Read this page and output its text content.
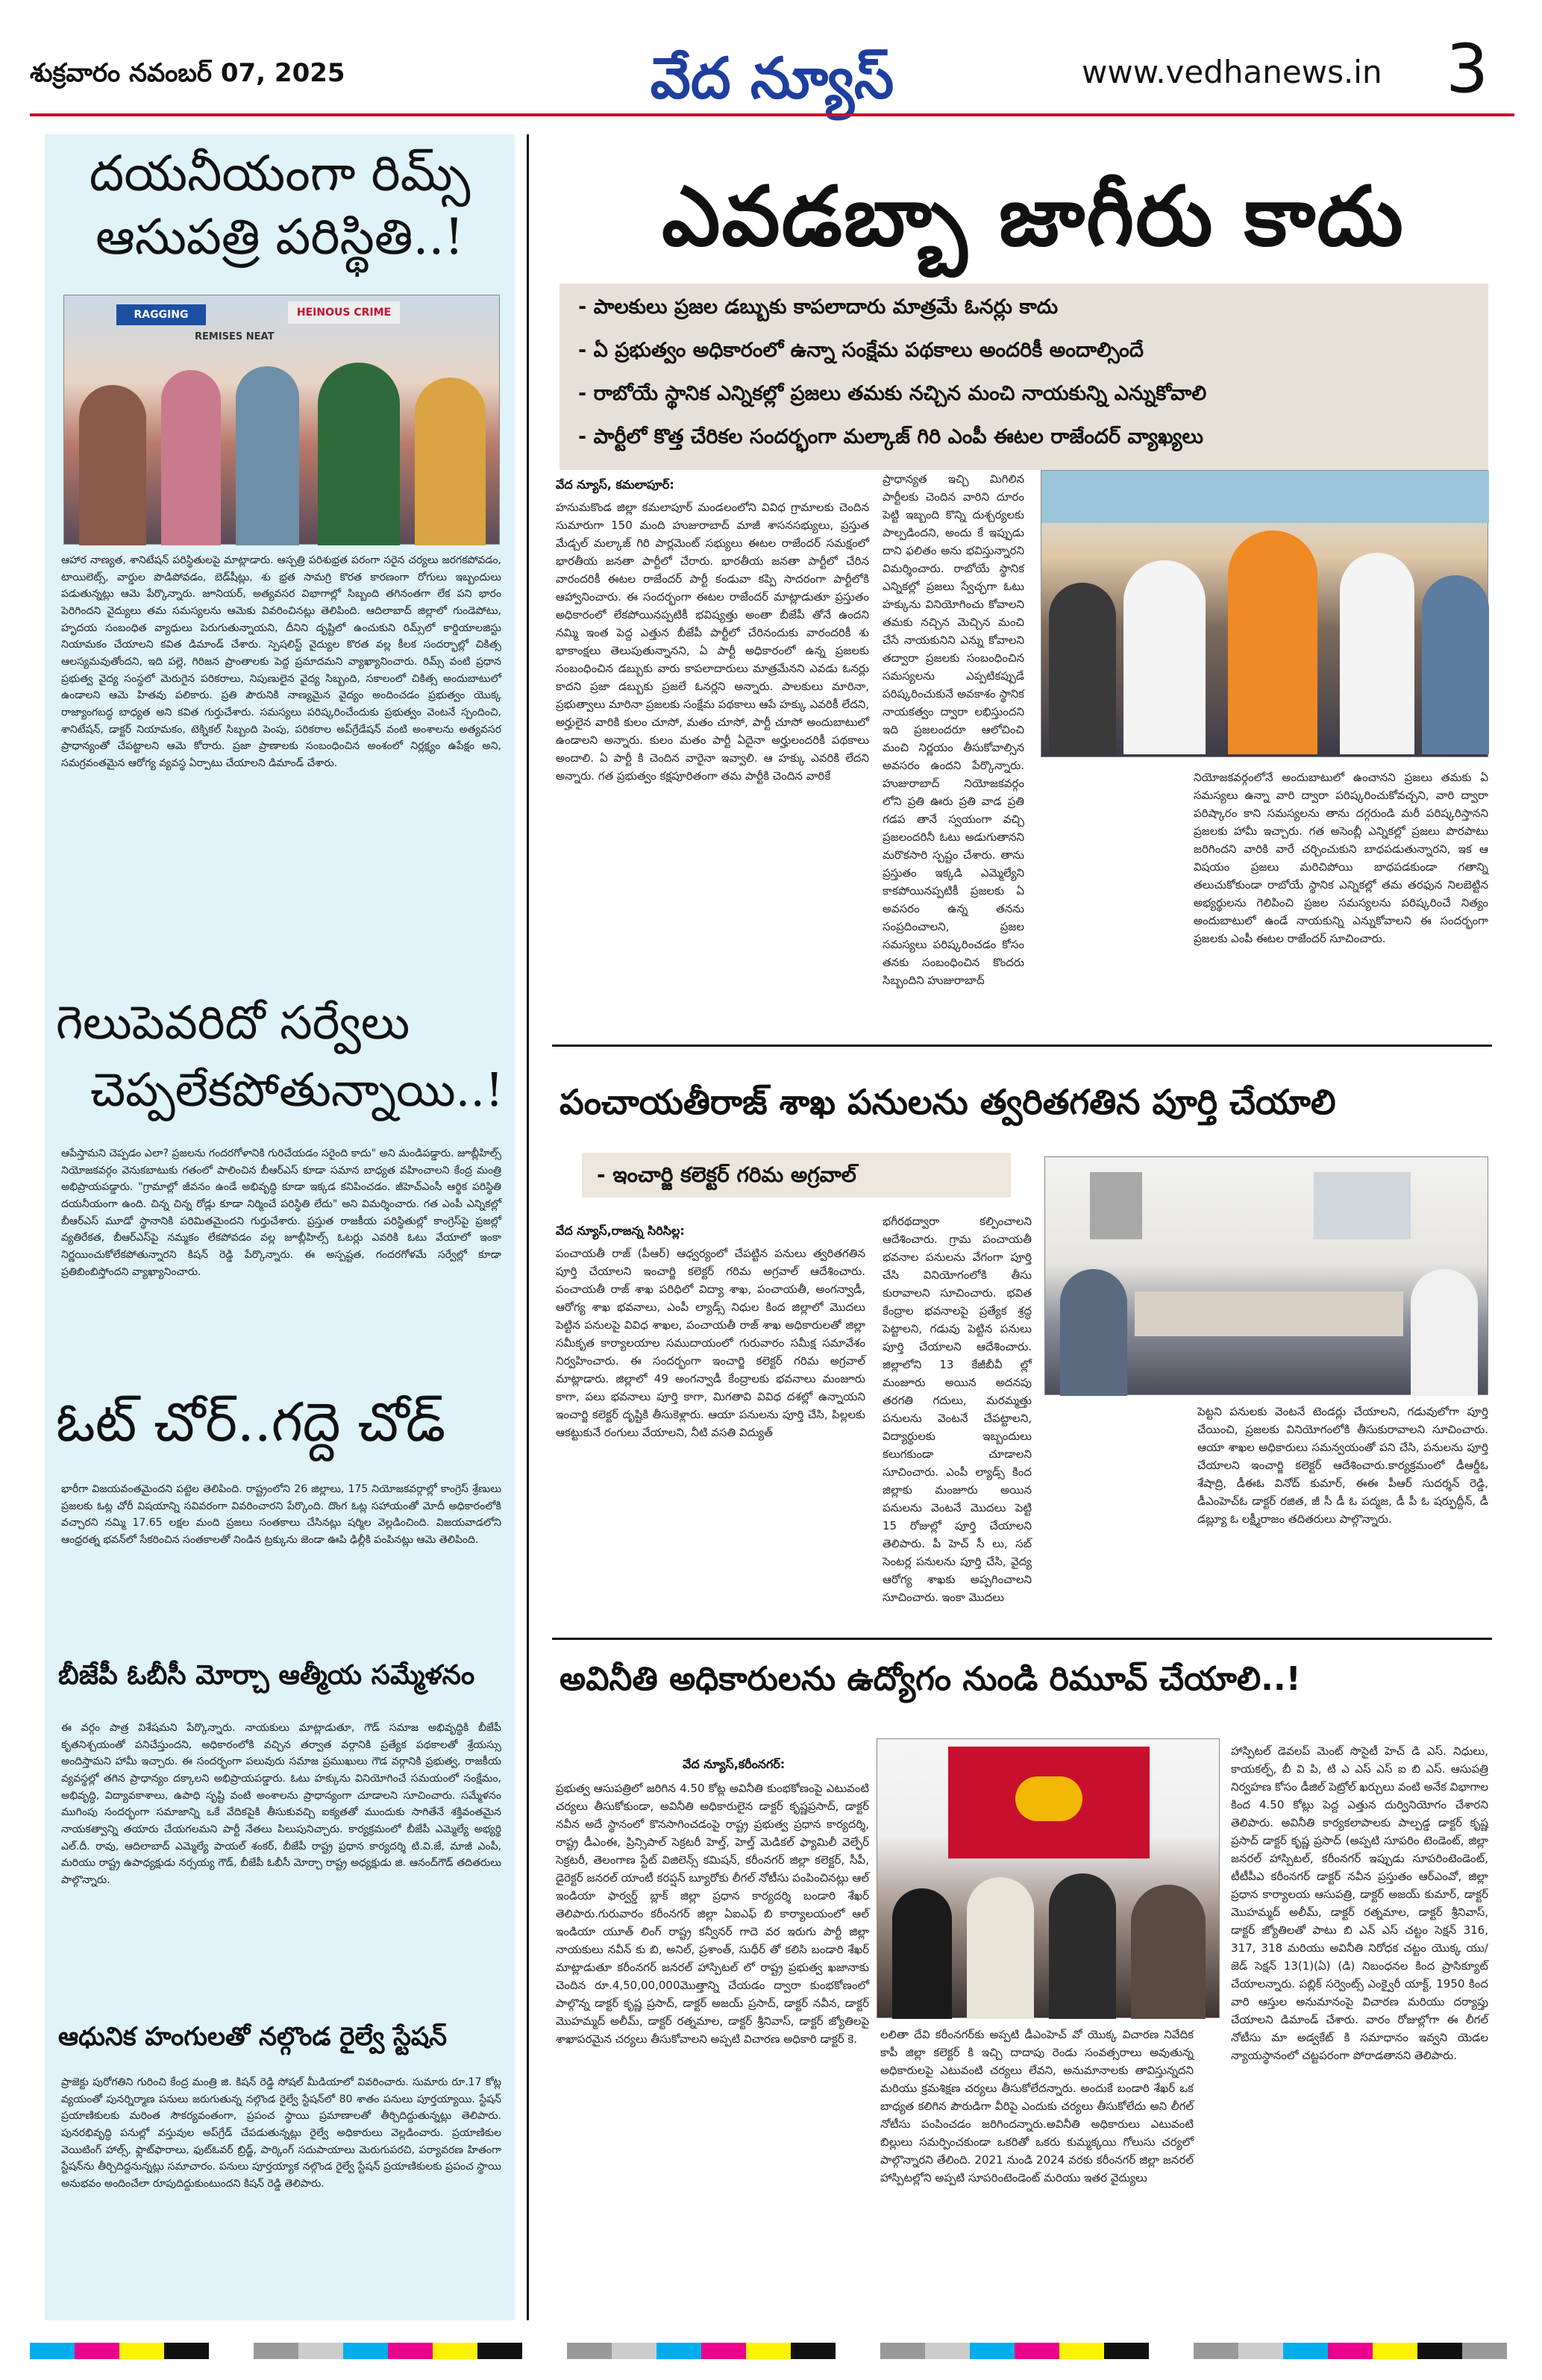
శుక్రవారం నవంబర్ 07, 2025	వేద న్యూస్	www.vedhanews.in 3
దయనీయంగా రిమ్స్
ఆసుపత్రి పరిస్థితి..!
RAGGING	HEINOUS CRIME
REMISES NEAT
ఆహార నాణ్యత, శానిటేషన్ పరిస్థితులపై మాట్లాడారు. ఆస్పత్రి పరిశుభ్రత పరంగా సరైన చర్యలు జరగకపోవడం, టాయిలెట్స్, వార్డుల పొడిపోవడం, బెడ్‌షీట్లు, శు భ్రత సామగ్రి కొరత కారణంగా రోగులు ఇబ్బందులు పడుతున్నట్లు ఆమె పేర్కొన్నారు. జూనియర్, అత్యవసర విభాగాల్లో సిబ్బంది తగినంతగా లేక పని భారం పెరిగిందని వైద్యులు తమ సమస్యలను ఆమెకు వివరించినట్లు తెలిపింది. ఆదిలాబాద్ జిల్లాలో గుండెపోటు, హృదయ సంబంధిత వ్యాధులు పెరుగుతున్నాయని, దీనిని దృష్టిలో ఉంచుకుని రిమ్స్‌లో కార్డియాలజిస్టు నియామకం చేయాలని కవిత డిమాండ్ చేశారు. స్పెషలిస్ట్ వైద్యుల కొరత వల్ల కీలక సందర్భాల్లో చికిత్స ఆలస్యమవుతోందని, ఇది పల్లె, గిరిజన ప్రాంతాలకు పెద్ద ప్రమాదమని వ్యాఖ్యానించారు. రిమ్స్ వంటి ప్రధాన ప్రభుత్వ వైద్య సంస్థలో మెరుగైన పరికరాలు, నిపుణులైన వైద్య సిబ్బంది, సకాలంలో చికిత్స అందుబాటులో ఉండాలని ఆమె హితవు పలికారు. ప్రతి పౌరునికి నాణ్యమైన వైద్యం అందించడం ప్రభుత్వం యొక్క రాజ్యాంగబద్ధ బాధ్యత అని కవిత గుర్తుచేశారు. సమస్యలు పరిష్కరించేందుకు ప్రభుత్వం వెంటనే స్పందించి, శానిటేషన్, డాక్టర్ నియామకం, టెక్నికల్ సిబ్బంది పెంపు, పరికరాల అప్‌గ్రేడేషన్ వంటి అంశాలను అత్యవసర ప్రాధాన్యంతో చేపట్టాలని ఆమె కోరారు. ప్రజా ప్రాణాలకు సంబంధించిన అంశంలో నిర్లక్ష్యం ఉపేక్షం అని, సమగ్రవంతమైన ఆరోగ్య వ్యవస్థ ఏర్పాటు చేయాలని డిమాండ్ చేశారు.
గెలుపెవరిదో సర్వేలు
చెప్పలేకపోతున్నాయి..!
ఆపేస్తామని చెప్పడం ఎలా? ప్రజలను గందరగోళానికి గురిచేయడం సరైంది కాదు" అని మండిపడ్డారు. జూబ్లీహిల్స్ నియోజకవర్గం వెనుకబాటుకు గతంలో పాలించిన బీఆర్ఎస్ కూడా సమాన బాధ్యత వహించాలని కేంద్ర మంత్రి అభిప్రాయపడ్డారు. "గ్రామాల్లో జీవనం ఉండే అభివృద్ధి కూడా ఇక్కడ కనిపించడం. జీహెచ్ఎంసీ ఆర్థిక పరిస్థితి దయనీయంగా ఉంది. చిన్న చిన్న రోడ్లు కూడా నిర్మించే పరిస్థితి లేదు" అని విమర్శించారు. గత ఎంపీ ఎన్నికల్లో బీఆర్ఎస్ మూడో స్థానానికి పరిమితమైందని గుర్తుచేశారు. ప్రస్తుత రాజకీయ పరిస్థితుల్లో కాంగ్రెస్‌పై ప్రజల్లో వ్యతిరేకత, బీఆర్ఎస్‌పై నమ్మకం లేకపోవడం వల్ల జూబ్లీహిల్స్ ఓటర్లు ఎవరికి ఓటు వేయాలో ఇంకా నిర్ణయించుకోలేకపోతున్నారని కిషన్ రెడ్డి పేర్కొన్నారు. ఈ అస్పష్టత, గందరగోళమే సర్వేల్లో కూడా ప్రతిబింబిస్తోందని వ్యాఖ్యానించారు.
ఓట్ చోర్..గద్దె చోడ్
భారీగా విజయవంతమైందని పట్టెల తెలిపింది. రాష్ట్రంలోని 26 జిల్లాలు, 175 నియోజకవర్గాల్లో కాంగ్రెస్ శ్రేణులు ప్రజలకు ఓట్ల చోరీ విషయాన్ని సవివరంగా వివరించారని పేర్కొంది. దొంగ ఓట్ల సహాయంతో మోదీ అధికారంలోకి వచ్చారని నమ్మి 17.65 లక్షల మంది ప్రజలు సంతకాలు చేసినట్లు షర్మిల వెల్లడించింది. విజయవాడలోని ఆంధ్రరత్న భవన్‌లో సేకరించిన సంతకాలతో నిండిన ట్రక్కును జెండా ఊపి ఢిల్లీకి పంపినట్లు ఆమె తెలిపింది.
బీజేపీ ఓబీసీ మోర్చా ఆత్మీయ సమ్మేళనం
ఈ వర్గం పాత్ర విశేషమని పేర్కొన్నారు. నాయకులు మాట్లాడుతూ, గౌడ్ సమాజ అభివృద్ధికి బీజేపీ కృతనిశ్చయంతో పనిచేస్తుందని, అధికారంలోకి వచ్చిన తర్వాత వర్గానికి ప్రత్యేక పథకాలతో శ్రేయస్సు అందిస్తామని హామీ ఇచ్చారు. ఈ సందర్భంగా పలువురు సమాజ ప్రముఖులు గౌడ వర్గానికి ప్రభుత్వ, రాజకీయ వ్యవస్థల్లో తగిన ప్రాధాన్యం దక్కాలని అభిప్రాయపడ్డారు. ఓటు హక్కును వినియోగించే సమయంలో సంక్షేమం, అభివృద్ధి, విద్యావకాశాలు, ఉపాధి సృష్టి వంటి అంశాలను ప్రాధాన్యంగా చూడాలని సూచించారు. సమ్మేళనం ముగింపు సందర్భంగా సమాజాన్ని ఒకే వేదికపైకి తీసుకువచ్చి ఐక్యతతో ముందుకు సాగితేనే శక్తివంతమైన నాయకత్వాన్ని తయారు చేయగలమని పార్టీ నేతలు పిలుపునిచ్చారు. కార్యక్రమంలో బీజేపీ ఎమ్మెల్యే అభ్యర్థి ఎల్.దీ. రావు, ఆదిలాబాద్ ఎమ్మెల్యే పాయల్ శంకర్, బీజేపీ రాష్ట్ర ప్రధాన కార్యదర్శి టి.వి.జే, మాజీ ఎంపీ, మరియు రాష్ట్ర ఉపాధ్యక్షుడు నర్సయ్య గౌడ్, బీజేపీ ఓబీసీ మోర్చా రాష్ట్ర అధ్యక్షుడు జి. ఆనంద్‌గౌడ్ తదితరులు పాల్గొన్నారు.
ఆధునిక హంగులతో నల్గొండ రైల్వే స్టేషన్
ప్రాజెక్టు పురోగతిని గురించి కేంద్ర మంత్రి జి. కిషన్ రెడ్డి సోషల్ మీడియాలో వివరించారు. సుమారు రూ.17 కోట్ల వ్యయంతో పునర్నిర్మాణ పనులు జరుగుతున్న నల్గొండ రైల్వే స్టేషన్‌లో 80 శాతం పనులు పూర్తయ్యాయి. స్టేషన్ ప్రయాణికులకు మరింత సౌకర్యవంతంగా, ప్రపంచ స్థాయి ప్రమాణాలతో తీర్చిదిద్దుతున్నట్లు తెలిపారు. పునరభివృద్ధి పనుల్లో వస్తువుల అప్‌గ్రేడ్ చేపడుతున్నట్లు రైల్వే అధికారులు వెల్లడించారు. ప్రయాణికుల వెయిటింగ్ హాల్స్, ఫ్లాట్‌ఫారాలు, ఫుట్‌ఓవర్ బ్రిడ్జ్, పార్కింగ్ సదుపాయాలు మెరుగుపరచి, పర్యావరణ హితంగా స్టేషన్‌ను తీర్చిదిద్దనున్నట్లు సమాచారం. పనులు పూర్తయ్యాక నల్గొండ రైల్వే స్టేషన్ ప్రయాణికులకు ప్రపంచ స్థాయి అనుభవం అందించేలా రూపుదిద్దుకుంటుందని కిషన్ రెడ్డి తెలిపారు.
ఎవడబ్బా జాగీరు కాదు
- పాలకులు ప్రజల డబ్బుకు కాపలాదారు మాత్రమే ఓనర్లు కాదు
- ఏ ప్రభుత్వం అధికారంలో ఉన్నా సంక్షేమ పథకాలు అందరికీ అందాల్సిందే
- రాబోయే స్థానిక ఎన్నికల్లో ప్రజలు తమకు నచ్చిన మంచి నాయకున్ని ఎన్నుకోవాలి
- పార్టీలో కొత్త చేరికల సందర్భంగా మల్కాజ్ గిరి ఎంపీ ఈటల రాజేందర్ వ్యాఖ్యలు
వేద న్యూస్, కమలాపూర్:
హనుమకొండ జిల్లా కమలాపూర్ మండలంలోని వివిధ గ్రామాలకు చెందిన సుమారుగా 150 మంది హుజురాబాద్ మాజీ శాసనసభ్యులు, ప్రస్తుత మేడ్చల్ మల్కాజ్ గిరి పార్లమెంట్ సభ్యులు ఈటల రాజేందర్ సమక్షంలో భారతీయ జనతా పార్టీలో చేరారు. భారతీయ జనతా పార్టీలో చేరిన వారందరికీ ఈటల రాజేందర్ పార్టీ కండువా కప్పి సాదరంగా పార్టీలోకి ఆహ్వానించారు. ఈ సందర్భంగా ఈటల రాజేందర్ మాట్లాడుతూ ప్రస్తుతం అధికారంలో లేకపోయినప్పటికీ భవిష్యత్తు అంతా బీజేపీ తోనే ఉందని నమ్మి ఇంత పెద్ద ఎత్తున బీజేపీ పార్టీలో చేరినందుకు వారందరికీ శు భాకాంక్షలు తెలుపుతున్నానని, ఏ పార్టీ అధికారంలో ఉన్న ప్రజలకు సంబంధించిన డబ్బుకు వారు కాపలాదారులు మాత్రమేనని ఎవడు ఓనర్లు కాదని ప్రజా డబ్బుకు ప్రజలే ఓనర్లని అన్నారు. పాలకులు మారినా, ప్రభుత్వాలు మారినా ప్రజలకు సంక్షేమ పథకాలు ఆపే హక్కు ఎవరికీ లేదని, అర్హులైన వారికి కులం చూసో, మతం చూసో, పార్టీ చూసో అందుబాటులో ఉండాలని అన్నారు. కులం మతం పార్టీ ఏదైనా అర్హులందరికీ పథకాలు అందాలి. ఏ పార్టీ కి చెందిన వారైనా ఇవ్వాలి. ఆ హక్కు ఎవరికి లేదని అన్నారు. గత ప్రభుత్వం కక్షపూరితంగా తమ పార్టీకి చెందిన వారికే
ప్రాధాన్యత ఇచ్చి మిగిలిన పార్టీలకు చెందిన వారిని దూరం పెట్టి ఇబ్బంది కొన్ని దుశ్చర్యలకు పాల్పడిందని, అందు కే ఇప్పుడు దాని ఫలితం అను భవిస్తున్నారని విమర్శించారు. రాబోయే స్థానిక ఎన్నికల్లో ప్రజలు స్వేచ్ఛగా ఓటు హక్కును వినియోగించు కోవాలని తమకు నచ్చిన మెచ్చిన మంచి చేసే నాయకునిని ఎన్ను కోవాలని తద్వారా ప్రజలకు సంబంధించిన సమస్యలను ఎప్పటికప్పుడే పరిష్కరించుకునే అవకాశం స్థానిక నాయకత్వం ద్వారా లభిస్తుందని ఇది ప్రజలందరూ ఆలోచించి మంచి నిర్ణయం తీసుకోవాల్సిన అవసరం ఉందని పేర్కొన్నారు. హుజురాబాద్ నియోజకవర్గం లోని ప్రతి ఊరు ప్రతి వాడ ప్రతి గడప తానే స్వయంగా వచ్చి ప్రజలందరినీ ఓటు అడుగుతానని మరొకసారి స్పష్టం చేశారు. తాను ప్రస్తుతం ఇక్కడి ఎమ్మెల్యేని కాకపోయినప్పటికీ ప్రజలకు ఏ అవసరం ఉన్న తనను సంప్రదించాలని, ప్రజల సమస్యలు పరిష్కరించడం కోసం తనకు సంబంధించిన కొందరు సిబ్బందిని హుజురాబాద్
నియోజకవర్గంలోనే అందుబాటులో ఉంచానని ప్రజలు తమకు ఏ సమస్యలు ఉన్నా వారి ద్వారా పరిష్కరించుకోవచ్చని, వారి ద్వారా పరిష్కారం కాని సమస్యలను తాను దగ్గరుండి మరీ పరిష్కరిస్తానని ప్రజలకు హామీ ఇచ్చారు. గత అసెంబ్లీ ఎన్నికల్లో ప్రజలు పొరపాటు జరిగిందని వారికి వారే చర్చించుకుని బాధపడుతున్నారని, ఇక ఆ విషయం ప్రజలు మరిచిపోయి బాధపడకుండా గతాన్ని తలుచుకోకుండా రాబోయే స్థానిక ఎన్నికల్లో తమ తరఫున నిలబెట్టిన అభ్యర్థులను గెలిపించి ప్రజల సమస్యలను పరిష్కరించే నిత్యం అందుబాటులో ఉండే నాయకున్ని ఎన్నుకోవాలని ఈ సందర్భంగా ప్రజలకు ఎంపీ ఈటల రాజేందర్ సూచించారు.
పంచాయతీరాజ్ శాఖ పనులను త్వరితగతిన పూర్తి చేయాలి
- ఇంచార్జి కలెక్టర్ గరిమ అగ్రవాల్
వేద న్యూస్,రాజన్న సిరిసిల్ల:
పంచాయతీ రాజ్ (పీఆర్) ఆధ్వర్యంలో చేపట్టిన పనులు త్వరితగతిన పూర్తి చేయాలని ఇంచార్జి కలెక్టర్ గరిమ అగ్రవాల్ ఆదేశించారు. పంచాయతీ రాజ్ శాఖ పరిధిలో విద్యా శాఖ, పంచాయతీ, అంగన్వాడీ, ఆరోగ్య శాఖ భవనాలు, ఎంపీ ల్యాడ్స్ నిధుల కింద జిల్లాలో మొదలు పెట్టిన పనులపై వివిధ శాఖల, పంచాయతీ రాజ్ శాఖ అధికారులతో జిల్లా సమీకృత కార్యాలయాల సముదాయంలో గురువారం సమీక్ష సమావేశం నిర్వహించారు. ఈ సందర్భంగా ఇంచార్జి కలెక్టర్ గరిమ అగ్రవాల్ మాట్లాడారు. జిల్లాలో 49 అంగన్వాడీ కేంద్రాలకు భవనాలు మంజూరు కాగా, పలు భవనాలు పూర్తి కాగా, మిగతావి వివిధ దశల్లో ఉన్నాయని ఇంచార్జి కలెక్టర్ దృష్టికి తీసుకెళ్లారు. ఆయా పనులను పూర్తి చేసి, పిల్లలకు ఆకట్టుకునే రంగులు వేయాలని, నీటి వసతి విద్యుత్
భగీరథద్వారా కల్పించాలని ఆదేశించారు. గ్రామ పంచాయతీ భవనాల పనులను వేగంగా పూర్తి చేసి వినియోగంలోకి తీసు కురావాలని సూచించారు. భవిత కేంద్రాల భవనాలపై ప్రత్యేక శ్రద్ధ పెట్టాలని, గడువు పెట్టిన పనులు పూర్తి చేయాలని ఆదేశించారు. జిల్లాలోని 13 కేజీబీవీ ల్లో మంజూరు అయిన అదనపు తరగతి గదులు, మరమ్మత్తు పనులను వెంటనే చేపట్టాలని, విద్యార్థులకు ఇబ్బందులు కలుగకుండా చూడాలని సూచించారు. ఎంపీ ల్యాడ్స్ కింద జిల్లాకు మంజూరు అయిన పనులను వెంటనే మొదలు పెట్టి 15 రోజుల్లో పూర్తి చేయాలని తెలిపారు. పీ హెచ్ సీ లు, సబ్ సెంటర్ల పనులను పూర్తి చేసి, వైద్య ఆరోగ్య శాఖకు అప్పగించాలని సూచించారు. ఇంకా మొదలు
పెట్టని పనులకు వెంటనే టెండర్లు చేయాలని, గడువులోగా పూర్తి చేయించి, ప్రజలకు వినియోగంలోకి తీసుకురావాలని సూచించారు. ఆయా శాఖల అధికారులు సమన్వయంతో పని చేసి, పనులను పూర్తి చేయాలని ఇంచార్జి కలెక్టర్ ఆదేశించారు.కార్యక్రమంలో డీఆర్డీఓ శేషాద్రి, డీఈఓ వినోద్ కుమార్, ఈఈ పీఆర్ సుదర్శన్ రెడ్డి, డీఎంహెచ్ఓ డాక్టర్ రజిత, జీ సీ డీ ఓ పద్మజ, డీ పీ ఓ షర్ఫుద్దీన్, డీ డబ్ల్యూ ఓ లక్ష్మీరాజం తదితరులు పాల్గొన్నారు.
అవినీతి అధికారులను ఉద్యోగం నుండి రిమూవ్ చేయాలి..!
వేద న్యూస్,కరీంనగర్:
ప్రభుత్వ ఆసుపత్రిలో జరిగిన 4.50 కోట్ల అవినీతి కుంభకోణంపై ఎటువంటి చర్యలు తీసుకోకుండా, అవినీతి అధికారులైన డాక్టర్ కృష్ణప్రసాద్, డాక్టర్ నవీన అదే స్థానంలో కొనసాగించడంపై రాష్ట్ర ప్రభుత్వ ప్రధాన కార్యదర్శి, రాష్ట్ర డీఎంఈ, ప్రిన్సిపాల్ సెక్రటరీ హెల్త్, హెల్త్ మెడికల్ ఫ్యామిలీ వెల్ఫేర్ సెక్రటరీ, తెలంగాణ స్టేట్ విజిలెన్స్ కమిషన్, కరీంనగర్ జిల్లా కలెక్టర్, సీపీ, డైరెక్టర్ జనరల్ యాంటీ కరప్షన్ బ్యూరోకు లీగల్ నోటీసు పంపించినట్లు ఆల్ ఇండియా ఫార్వర్డ్ బ్లాక్ జిల్లా ప్రధాన కార్యదర్శి బండారి శేఖర్ తెలిపారు.గురువారం కరీంనగర్ జిల్లా ఏఐఎఫ్ బి కార్యాలయంలో ఆల్ ఇండియా యూత్ లింగ్ రాష్ట్ర కన్వీనర్ గాదె వర ఇరుగు పార్టీ జిల్లా నాయకులు నవీన్ కు బి, అనిల్, ప్రశాంత్, సుధీర్ తో కలిసి బండారి శేఖర్ మాట్లాడుతూ కరీంనగర్ జనరల్ హాస్పిటల్ లో రాష్ట్ర ప్రభుత్వ ఖజానాకు చెందిన రూ.4,50,00,000మొత్తాన్ని చేయడం ద్వారా కుంభకోణంలో పాల్గొన్న డాక్టర్ కృష్ణ ప్రసాద్, డాక్టర్ అజయ్ ప్రసాద్, డాక్టర్ నవీన, డాక్టర్ మొహమ్మద్ అలీమ్, డాక్టర్ రత్నమాల, డాక్టర్ శ్రీనివాస్, డాక్టర్ జ్యోతిలపై శాఖాపరమైన చర్యలు తీసుకోవాలని అప్పటి విచారణ అధికారి డాక్టర్ కె.	లలితా దేవి కరీంనగర్‌కు అప్పటి డీఎంహెచ్ వో యొక్క విచారణ నివేదిక కాపీ జిల్లా కలెక్టర్ కి ఇచ్చి దాదాపు రెండు సంవత్సరాలు అవుతున్న అధికారులపై ఎటువంటి చర్యలు లేవని, అనుమానాలకు తావిస్తున్నదని మరియు క్రమశిక్షణ చర్యలు తీసుకోలేదన్నారు. అందుకే బండారి శేఖర్ ఒక బాధ్యత కలిగిన పౌరుడిగా వీరిపై ఎందుకు చర్యలు తీసుకోలేదు అని లీగల్ నోటీసు పంపించడం జరిగిందన్నారు.అవినీతి అధికారులు ఎటువంటి బిల్లులు సమర్పించకుండా ఒకరితో ఒకరు కుమ్మక్కయి గోలుసు చర్యలో పాల్గొన్నారని తేలింది. 2021 నుండి 2024 వరకు కరీంనగర్ జిల్లా జనరల్ హాస్పిటల్లోని అప్పటి సూపరింటెండెంట్ మరియు ఇతర వైద్యులు
హాస్పిటల్ డెవలప్ మెంట్ సొసైటీ హెచ్ డి ఎస్. నిధులు, కాయకల్ప్, బీ వి పి, టి ఎ ఎస్ ఎస్ ఐ బి ఎస్. ఆసుపత్రి నిర్వహణ కోసం డీజిల్ పెట్రోల్ ఖర్చులు వంటి అనేక విభాగాల కింద 4.50 కోట్లు పెద్ద ఎత్తున దుర్వినియోగం చేశారని తెలిపారు. అవినీతి కార్యకలాపాలకు పాల్పడ్డ డాక్టర్ కృష్ణ ప్రసాద్ డాక్టర్ కృష్ణ ప్రసాద్ (అప్పటి సూపరిం టెండెంట్, జిల్లా జనరల్ హాస్పిటల్, కరీంనగర్ ఇప్పుడు సూపరింటెండెంట్, టీటీపీఎ కరీంనగర్ డాక్టర్ నవీన ప్రస్తుతం ఆర్ఎంవో, జిల్లా ప్రధాన కార్యాలయ ఆసుపత్రి, డాక్టర్ అజయ్ కుమార్, డాక్టర్ మొహమ్మద్ అలీమ్, డాక్టర్ రత్నమాల, డాక్టర్ శ్రీనివాస్, డాక్టర్ జ్యోతిలతో పాటు బి ఎన్ ఎస్ చట్టం సెక్షన్ 316, 317, 318 మరియు అవినీతి నిరోధక చట్టం యొక్క యు/జెడ్ సెక్షన్ 13(1)(ఏ) (డి) నిబంధనల కింద ప్రాసిక్యూట్ చేయాలన్నారు. పబ్లిక్ సర్వెంట్స్ ఎంక్వైరీ యాక్ట్, 1950 కింద వారి ఆస్తుల అనుమానంపై విచారణ మరియు దర్యాప్తు చేయాలని డిమాండ్ చేశారు. వారం రోజుల్లోగా ఈ లీగల్ నోటీసు మా అడ్వకేట్ కి సమాధానం ఇవ్వని యెడల న్యాయస్థానంలో చట్టపరంగా పోరాడతానని తెలిపారు.
